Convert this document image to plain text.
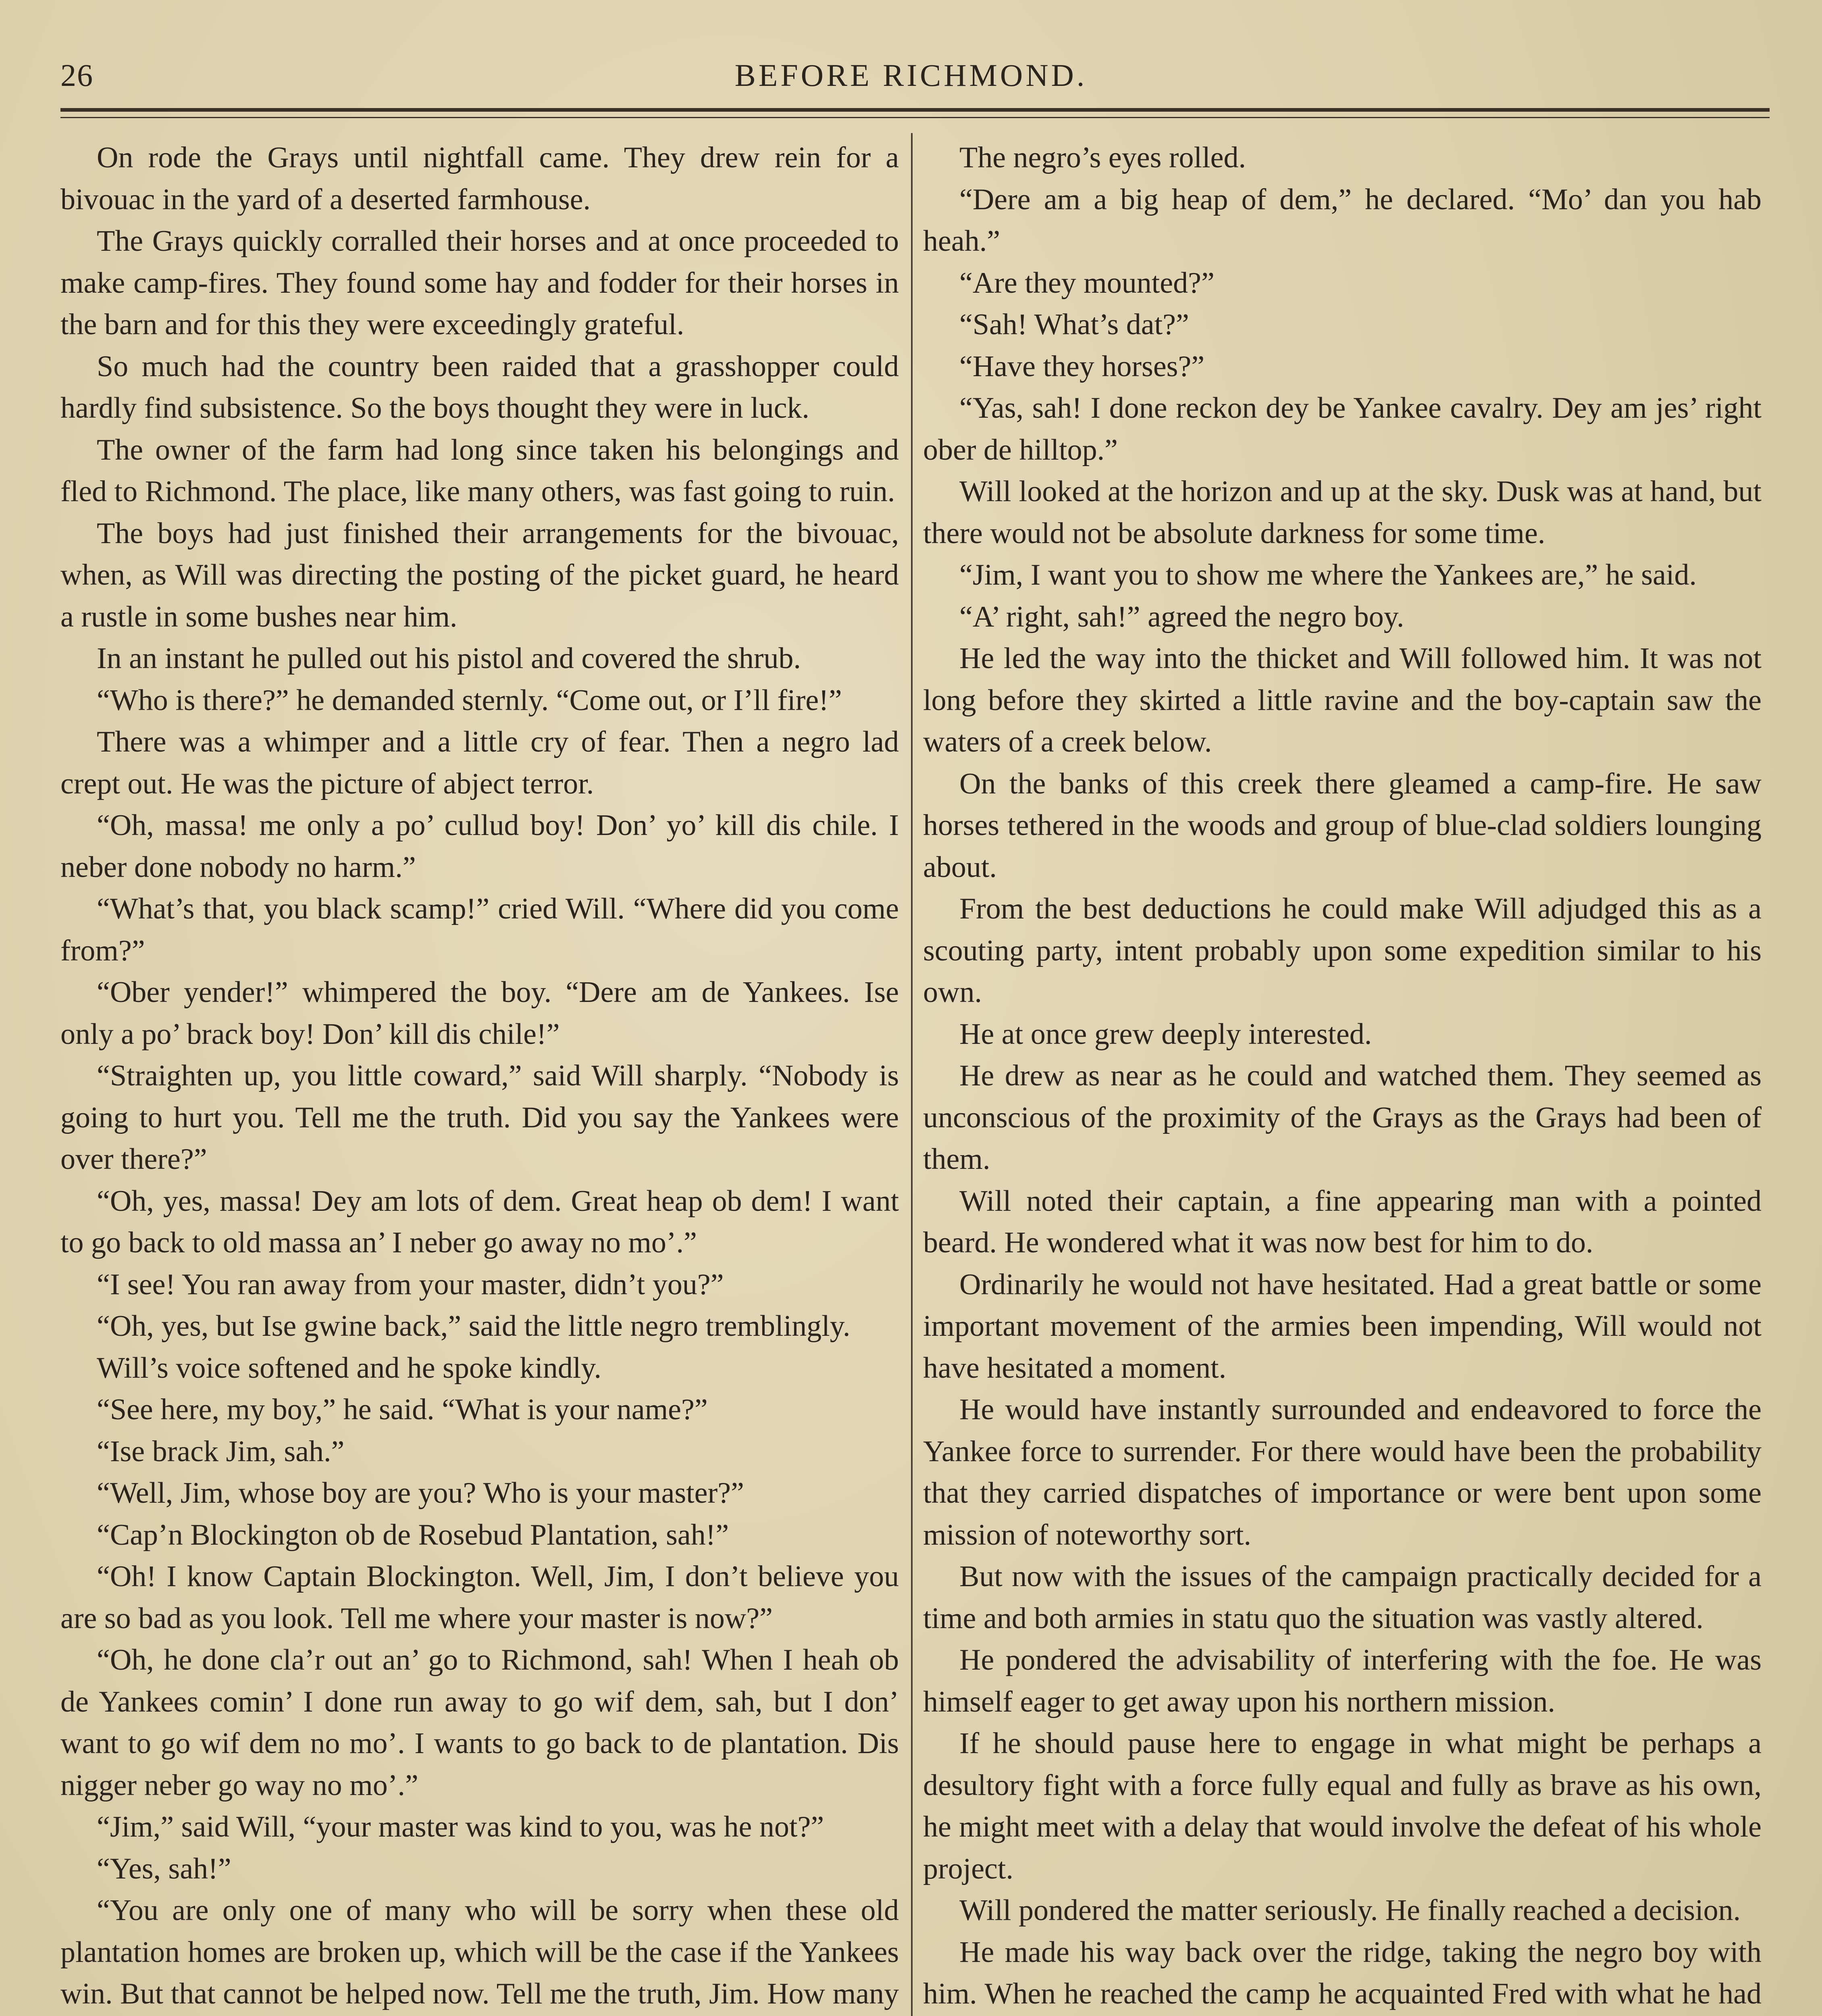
26	BEFORE RICHMOND.

On rode the Grays until nightfall came. They drew rein for a bivouac in the yard of a deserted farmhouse.

The Grays quickly corralled their horses and at once proceeded to make camp-fires. They found some hay and fodder for their horses in the barn and for this they were exceedingly grateful.

So much had the country been raided that a grasshopper could hardly find subsistence. So the boys thought they were in luck.

The owner of the farm had long since taken his belongings and fled to Richmond. The place, like many others, was fast going to ruin.

The boys had just finished their arrangements for the bivouac, when, as Will was directing the posting of the picket guard, he heard a rustle in some bushes near him.

In an instant he pulled out his pistol and covered the shrub.

“Who is there?” he demanded sternly. “Come out, or I’ll fire!”

There was a whimper and a little cry of fear. Then a negro lad crept out. He was the picture of abject terror.

“Oh, massa! me only a po’ cullud boy! Don’ yo’ kill dis chile. I neber done nobody no harm.”

“What’s that, you black scamp!” cried Will. “Where did you come from?”

“Ober yender!” whimpered the boy. “Dere am de Yankees. Ise only a po’ brack boy! Don’ kill dis chile!”

“Straighten up, you little coward,” said Will sharply. “Nobody is going to hurt you. Tell me the truth. Did you say the Yankees were over there?”

“Oh, yes, massa! Dey am lots of dem. Great heap ob dem! I want to go back to old massa an’ I neber go away no mo’.”

“I see! You ran away from your master, didn’t you?”

“Oh, yes, but Ise gwine back,” said the little negro tremblingly.

Will’s voice softened and he spoke kindly.

“See here, my boy,” he said. “What is your name?”

“Ise brack Jim, sah.”

“Well, Jim, whose boy are you? Who is your master?”

“Cap’n Blockington ob de Rosebud Plantation, sah!”

“Oh! I know Captain Blockington. Well, Jim, I don’t believe you are so bad as you look. Tell me where your master is now?”

“Oh, he done cla’r out an’ go to Richmond, sah! When I heah ob de Yankees comin’ I done run away to go wif dem, sah, but I don’ want to go wif dem no mo’. I wants to go back to de plantation. Dis nigger neber go way no mo’.”

“Jim,” said Will, “your master was kind to you, was he not?”

“Yes, sah!”

“You are only one of many who will be sorry when these old plantation homes are broken up, which will be the case if the Yankees win. But that cannot be helped now. Tell me the truth, Jim. How many

The negro’s eyes rolled.

“Dere am a big heap of dem,” he declared. “Mo’ dan you hab heah.”

“Are they mounted?”

“Sah! What’s dat?”

“Have they horses?”

“Yas, sah! I done reckon dey be Yankee cavalry. Dey am jes’ right ober de hilltop.”

Will looked at the horizon and up at the sky. Dusk was at hand, but there would not be absolute darkness for some time.

“Jim, I want you to show me where the Yankees are,” he said.

“A’ right, sah!” agreed the negro boy.

He led the way into the thicket and Will followed him. It was not long before they skirted a little ravine and the boy-captain saw the waters of a creek below.

On the banks of this creek there gleamed a camp-fire. He saw horses tethered in the woods and group of blue-clad soldiers lounging about.

From the best deductions he could make Will adjudged this as a scouting party, intent probably upon some expedition similar to his own.

He at once grew deeply interested.

He drew as near as he could and watched them. They seemed as unconscious of the proximity of the Grays as the Grays had been of them.

Will noted their captain, a fine appearing man with a pointed beard. He wondered what it was now best for him to do.

Ordinarily he would not have hesitated. Had a great battle or some important movement of the armies been impending, Will would not have hesitated a moment.

He would have instantly surrounded and endeavored to force the Yankee force to surrender. For there would have been the probability that they carried dispatches of importance or were bent upon some mission of noteworthy sort.

But now with the issues of the campaign practically decided for a time and both armies in statu quo the situation was vastly altered.

He pondered the advisability of interfering with the foe. He was himself eager to get away upon his northern mission.

If he should pause here to engage in what might be perhaps a desultory fight with a force fully equal and fully as brave as his own, he might meet with a delay that would involve the defeat of his whole project.

Will pondered the matter seriously. He finally reached a decision.

He made his way back over the ridge, taking the negro boy with him. When he reached the camp he acquainted Fred with what he had
